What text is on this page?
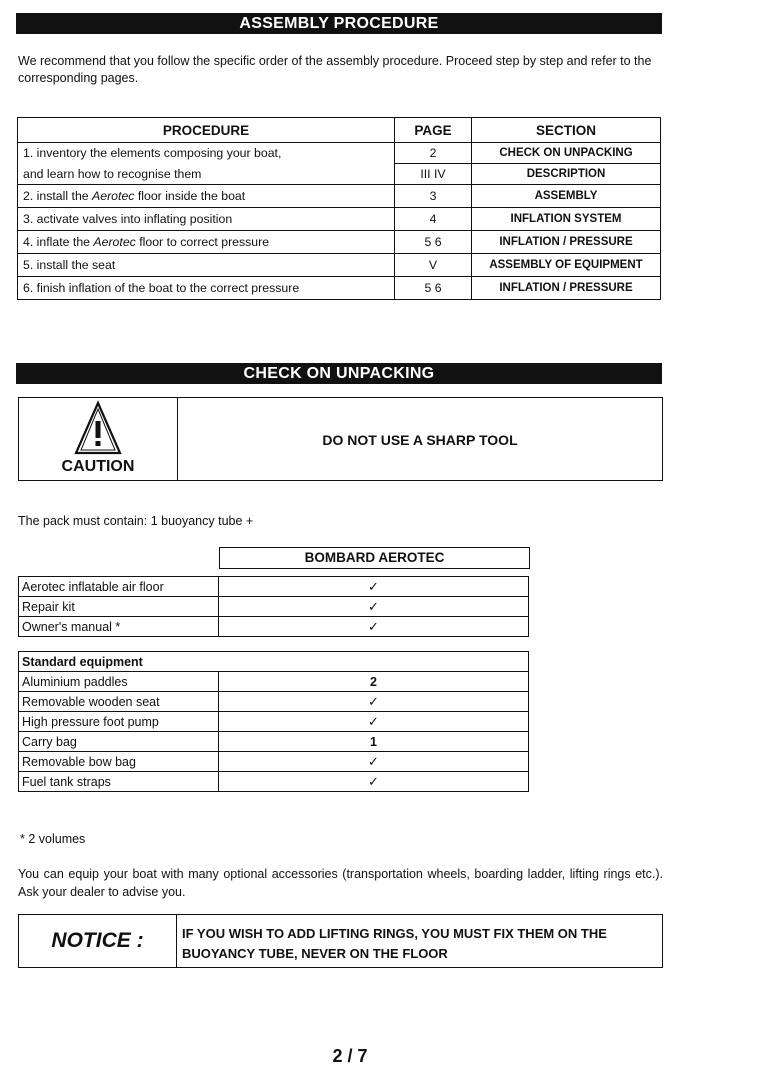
ASSEMBLY PROCEDURE
We recommend that you follow the specific order of the assembly procedure. Proceed step by step and refer to the corresponding pages.
PROCEDURE	PAGE	SECTION
1. inventory the elements composing your boat,	2	CHECK ON UNPACKING
and learn how to recognise them	III IV	DESCRIPTION
2. install the Aerotec floor inside the boat	3	ASSEMBLY
3. activate valves into inflating position	4	INFLATION SYSTEM
4. inflate the Aerotec floor to correct pressure	5 6	INFLATION / PRESSURE
5. install the seat	V	ASSEMBLY OF EQUIPMENT
6. finish inflation of the boat to the correct pressure	5 6	INFLATION / PRESSURE
CHECK ON UNPACKING
CAUTION
DO NOT USE A SHARP TOOL
The pack must contain: 1 buoyancy tube +
BOMBARD AEROTEC
Aerotec inflatable air floor	✓
Repair kit	✓
Owner's manual *	✓
Standard equipment	
Aluminium paddles	2
Removable wooden seat	✓
High pressure foot pump	✓
Carry bag	1
Removable bow bag	✓
Fuel tank straps	✓
* 2 volumes
You can equip your boat with many optional accessories (transportation wheels, boarding ladder, lifting rings etc.). Ask your dealer to advise you.
NOTICE :	IF YOU WISH TO ADD LIFTING RINGS, YOU MUST FIX THEM ON THE BUOYANCY TUBE, NEVER ON THE FLOOR
2 / 7
